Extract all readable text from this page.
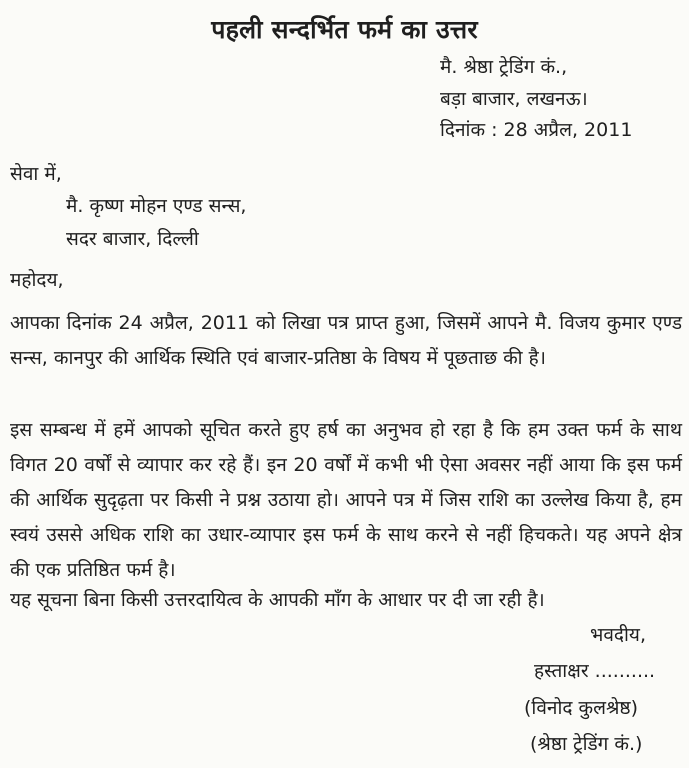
पहली सन्दर्भित फर्म का उत्तर
मै. श्रेष्ठा ट्रेडिंग कं.,
बड़ा बाजार, लखनऊ।
दिनांक : 28 अप्रैल, 2011
सेवा में,
मै. कृष्ण मोहन एण्ड सन्स,
सदर बाजार, दिल्ली
महोदय,
आपका दिनांक 24 अप्रैल, 2011 को लिखा पत्र प्राप्त हुआ, जिसमें आपने मै. विजय कुमार एण्ड सन्स, कानपुर की आर्थिक स्थिति एवं बाजार-प्रतिष्ठा के विषय में पूछताछ की है।
इस सम्बन्ध में हमें आपको सूचित करते हुए हर्ष का अनुभव हो रहा है कि हम उक्त फर्म के साथ विगत 20 वर्षों से व्यापार कर रहे हैं। इन 20 वर्षों में कभी भी ऐसा अवसर नहीं आया कि इस फर्म की आर्थिक सुदृढ़ता पर किसी ने प्रश्न उठाया हो। आपने पत्र में जिस राशि का उल्लेख किया है, हम स्वयं उससे अधिक राशि का उधार-व्यापार इस फर्म के साथ करने से नहीं हिचकते। यह अपने क्षेत्र की एक प्रतिष्ठित फर्म है।
यह सूचना बिना किसी उत्तरदायित्व के आपकी माँग के आधार पर दी जा रही है।
भवदीय,
हस्ताक्षर ..........
(विनोद कुलश्रेष्ठ)
(श्रेष्ठा ट्रेडिंग कं.)
